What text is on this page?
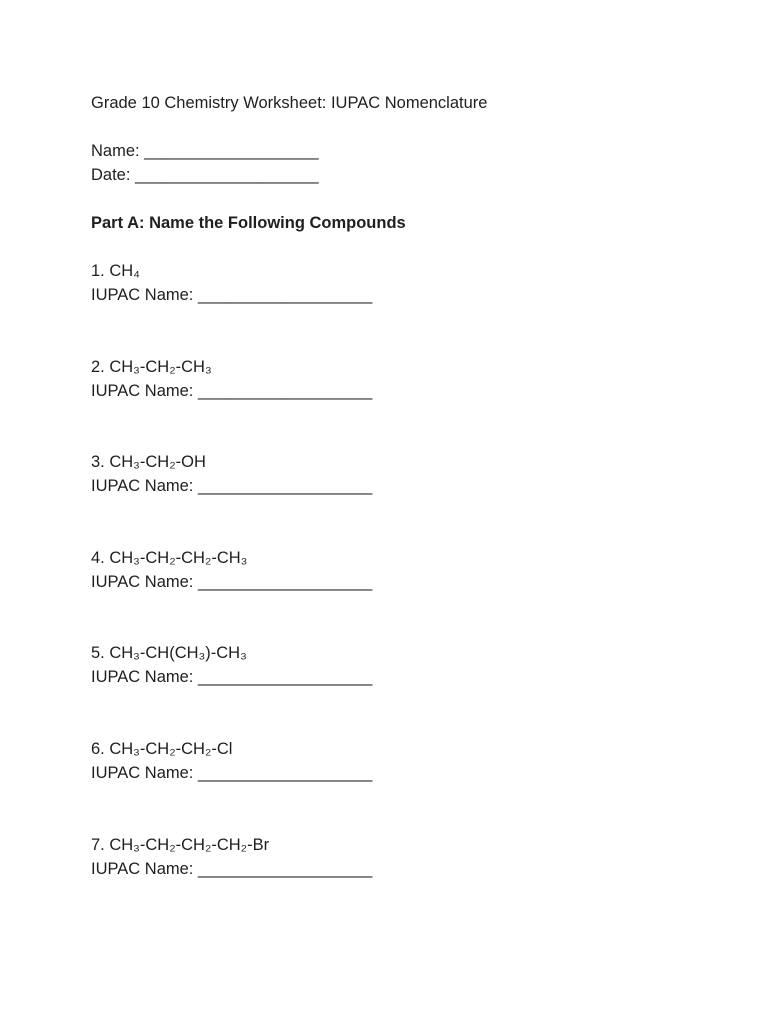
Grade 10 Chemistry Worksheet: IUPAC Nomenclature
Name: ___________________
Date: ____________________
Part A: Name the Following Compounds
1. CH₄
IUPAC Name: ___________________
2. CH₃-CH₂-CH₃
IUPAC Name: ___________________
3. CH₃-CH₂-OH
IUPAC Name: ___________________
4. CH₃-CH₂-CH₂-CH₃
IUPAC Name: ___________________
5. CH₃-CH(CH₃)-CH₃
IUPAC Name: ___________________
6. CH₃-CH₂-CH₂-Cl
IUPAC Name: ___________________
7. CH₃-CH₂-CH₂-CH₂-Br
IUPAC Name: ___________________
